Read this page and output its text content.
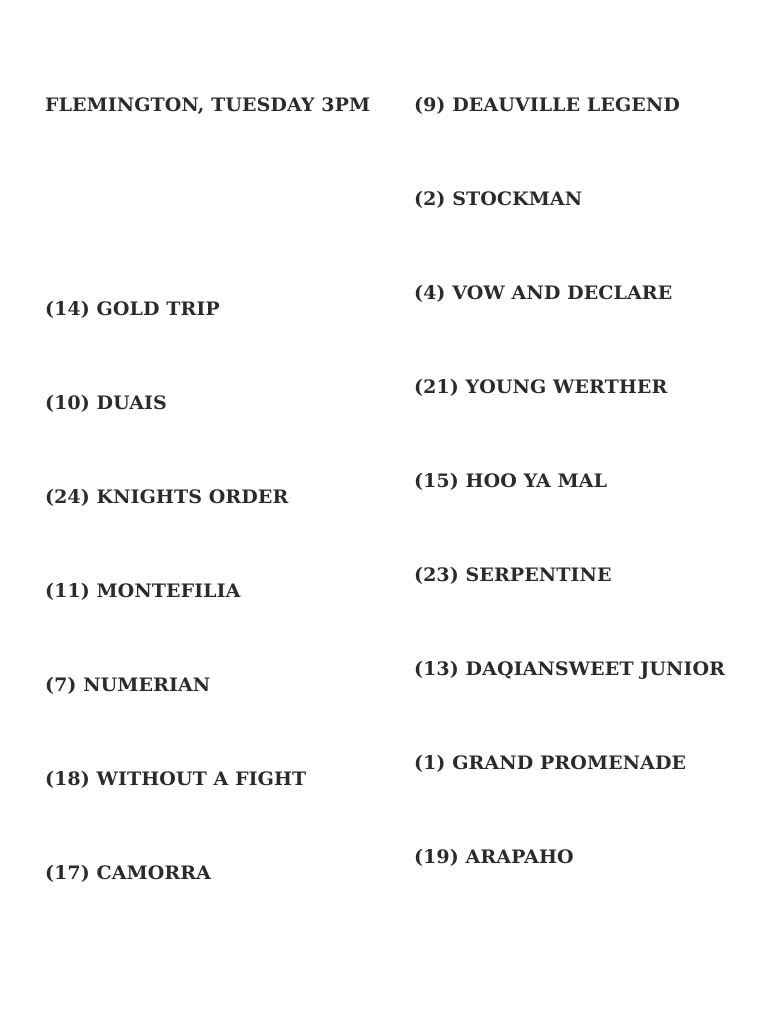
FLEMINGTON, TUESDAY 3PM
(14) GOLD TRIP
(10) DUAIS
(24) KNIGHTS ORDER
(11) MONTEFILIA
(7) NUMERIAN
(18) WITHOUT A FIGHT
(17) CAMORRA
(9) DEAUVILLE LEGEND
(2) STOCKMAN
(4) VOW AND DECLARE
(21) YOUNG WERTHER
(15) HOO YA MAL
(23) SERPENTINE
(13) DAQIANSWEET JUNIOR
(1) GRAND PROMENADE
(19) ARAPAHO
